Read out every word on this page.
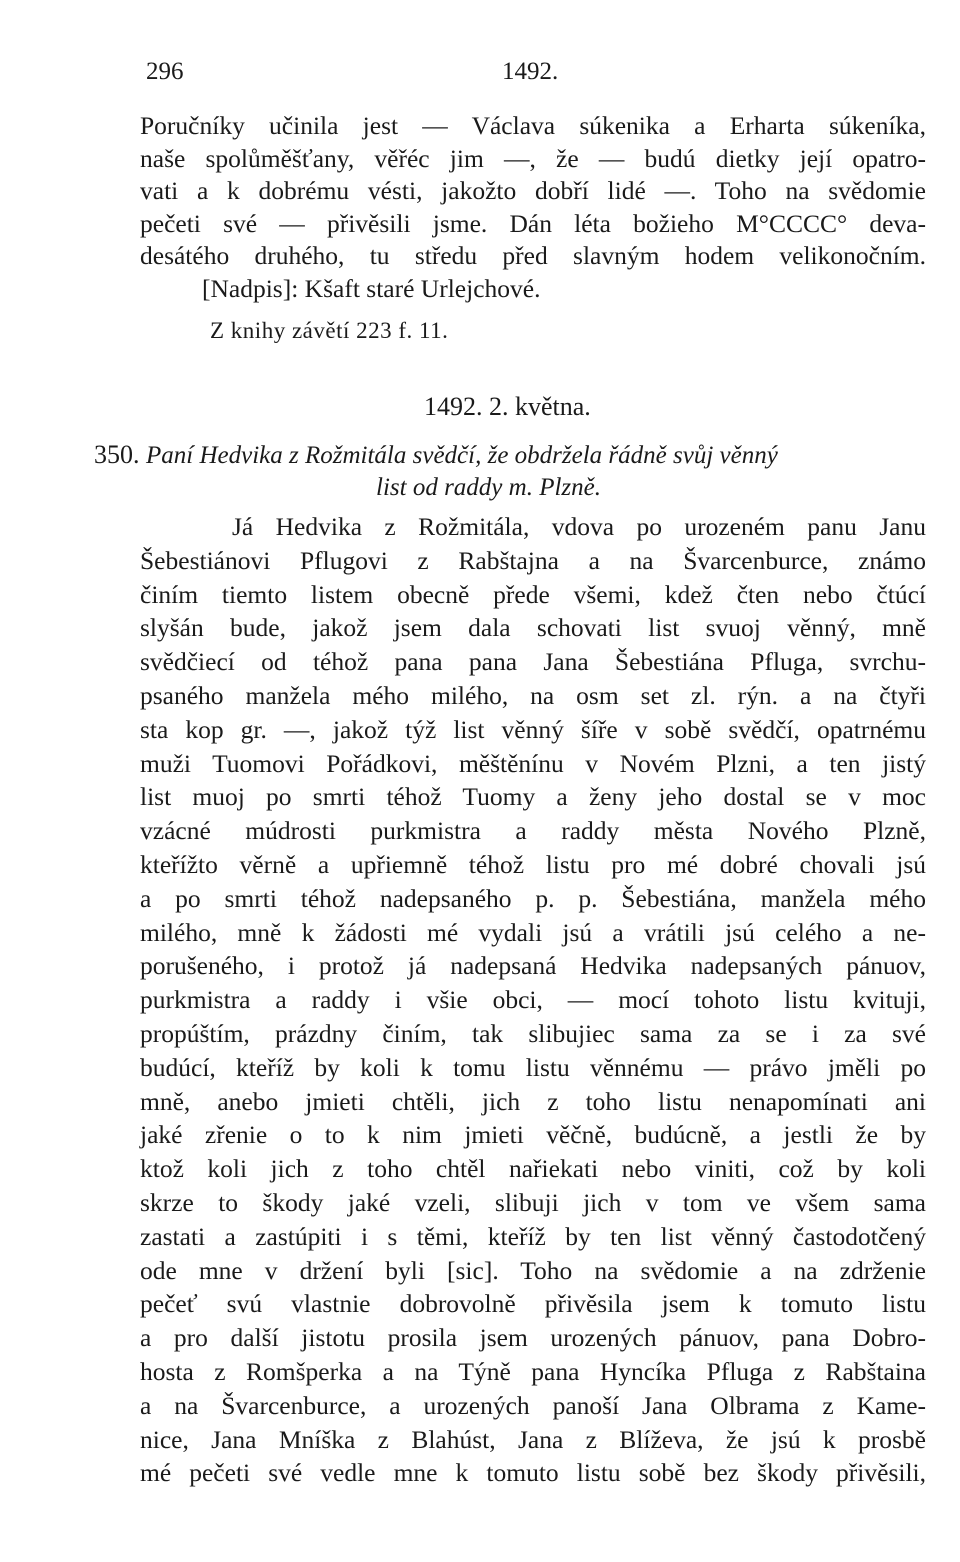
296	1492.
Poručníky učinila jest — Václava súkenika a Erharta súkeníka,
naše spolůměšťany, věřéc jim —, že — budú dietky její opatro-
vati a k dobrému vésti, jakožto dobří lidé —. Toho na svědomie
pečeti své — přivěsili jsme. Dán léta božieho M°CCCC° deva-
desátého druhého, tu středu před slavným hodem velikonočním.
[Nadpis]: Kšaft staré Urlejchové.
Z knihy závětí 223 f. 11.
1492. 2. května.
350. Paní Hedvika z Rožmitála svědčí, že obdržela řádně svůj věnný
list od raddy m. Plzně.
Já Hedvika z Rožmitála, vdova po urozeném panu Janu
Šebestiánovi Pflugovi z Rabštajna a na Švarcenburce, známo
činím tiemto listem obecně přede všemi, kdež čten nebo čtúcí
slyšán bude, jakož jsem dala schovati list svuoj věnný, mně
svědčiecí od téhož pana pana Jana Šebestiána Pfluga, svrchu-
psaného manžela mého milého, na osm set zl. rýn. a na čtyři
sta kop gr. —, jakož týž list věnný šíře v sobě svědčí, opatrnému
muži Tuomovi Pořádkovi, měštěnínu v Novém Plzni, a ten jistý
list muoj po smrti téhož Tuomy a ženy jeho dostal se v moc
vzácné múdrosti purkmistra a raddy města Nového Plzně,
kteřížto věrně a upřiemně téhož listu pro mé dobré chovali jsú
a po smrti téhož nadepsaného p. p. Šebestiána, manžela mého
milého, mně k žádosti mé vydali jsú a vrátili jsú celého a ne-
porušeného, i protož já nadepsaná Hedvika nadepsaných pánuov,
purkmistra a raddy i všie obci, — mocí tohoto listu kvituji,
propúštím, prázdny činím, tak slibujiec sama za se i za své
budúcí, kteříž by koli k tomu listu věnnému — právo jměli po
mně, anebo jmieti chtěli, jich z toho listu nenapomínati ani
jaké zřenie o to k nim jmieti věčně, budúcně, a jestli že by
ktož koli jich z toho chtěl nařiekati nebo viniti, což by koli
skrze to škody jaké vzeli, slibuji jich v tom ve všem sama
zastati a zastúpiti i s těmi, kteříž by ten list věnný častodotčený
ode mne v držení byli [sic]. Toho na svědomie a na zdrženie
pečeť svú vlastnie dobrovolně přivěsila jsem k tomuto listu
a pro další jistotu prosila jsem urozených pánuov, pana Dobro-
hosta z Romšperka a na Týně pana Hyncíka Pfluga z Rabštaina
a na Švarcenburce, a urozených panoší Jana Olbrama z Kame-
nice, Jana Mníška z Blahúst, Jana z Blíževa, že jsú k prosbě
mé pečeti své vedle mne k tomuto listu sobě bez škody přivěsili,
